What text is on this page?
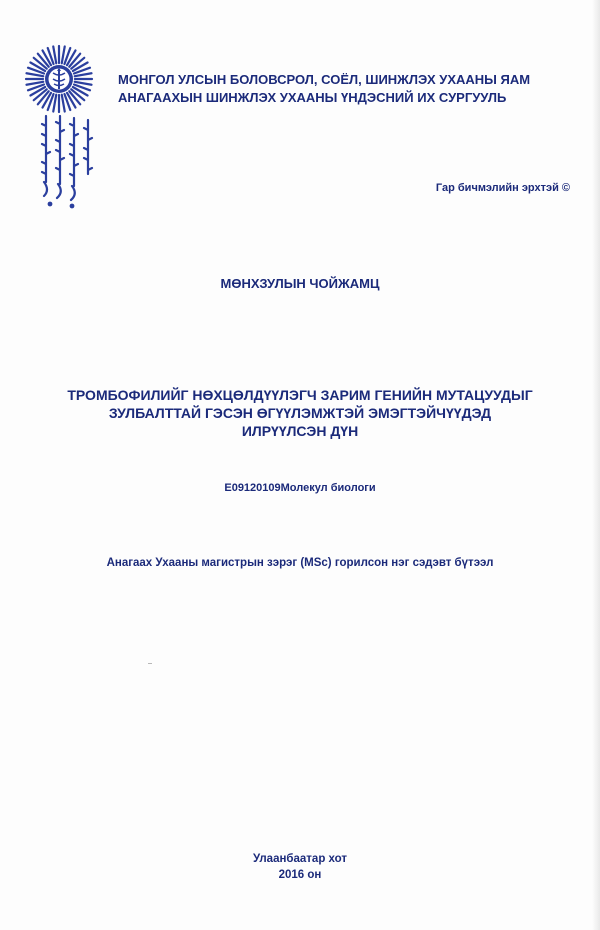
МОНГОЛ УЛСЫН БОЛОВСРОЛ, СОЁЛ, ШИНЖЛЭХ УХААНЫ ЯАМ
АНАГААХЫН ШИНЖЛЭХ УХААНЫ ҮНДЭСНИЙ ИХ СУРГУУЛЬ
Гар бичмэлийн эрхтэй ©
МӨНХЗУЛЫН ЧОЙЖАМЦ
ТРОМБОФИЛИЙГ НӨХЦӨЛДҮҮЛЭГЧ ЗАРИМ ГЕНИЙН МУТАЦУУДЫГ
ЗУЛБАЛТТАЙ ГЭСЭН ӨГҮҮЛЭМЖТЭЙ ЭМЭГТЭЙЧҮҮДЭД
ИЛРҮҮЛСЭН ДҮН
E09120109Молекул биологи
Анагаах Ухааны магистрын зэрэг (MSc) горилсон нэг сэдэвт бүтээл
Улаанбаатар хот
2016 он
